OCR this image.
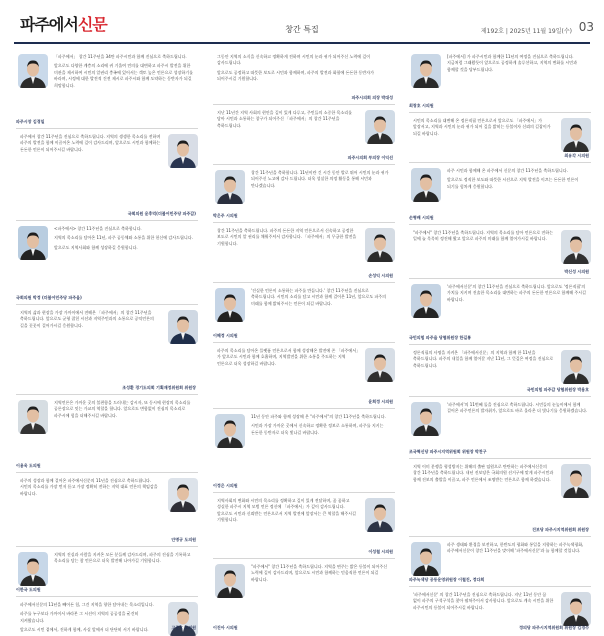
파주에서신문	창간 특집	제192호 | 2025년 11월 19일(수) 03

「파주에서」 창간 11주년을 34만 파주시민과 함께 진심으로 축하드립니다.

앞으로도 다양한 계층의 소리에 귀 기울여 민의를 대변하고 파주시 발전을 위한 미관을 제시하여 시민의 알권리 충족에 있어서는 객토 높은 언론으로 성장하기를 바라며, 시정에 대한 발전적 건전 제시로 파주시와 함께 도약하는 동반자가 되길 희망합니다.

파주시장 김경일

파주에서 창간 11주년을 진심으로 축하드립니다. 지역의 생생한 목소리를 전하며 파주의 발전을 함께 이끌어온 노력에 깊이 감사드리며, 앞으로도 시민과 함께하는 든든한 언론이 되어주시길 바랍니다.

국회의원 윤후덕(더불어민주당 파주갑)

<파주에서> 창간 11주년을 진심으로 축하합니다.

지역의 목소리를 담아온 11년, 파주 공동체와 소통을 위한 헌신에 감사드립니다.

앞으로도 지역사회와 함께 성장하길 응원합니다.

국회의원 박정 (더불어민주당 파주을)

지역의 삶과 현장을 가장 가까이에서 전해온 「파주에서」의 창간 11주년을 축하드립니다. 앞으로도 균형 잡힌 시선과 지역주민과의 소통으로 공익언론의 길을 꿋꿋이 걸어가시길 응원합니다.

조성환 경기도의회 기획재정위원회 위원장

지역언론은 가까운 곳의 불편함을 드러내는 감시자, 또 동시에 현장의 목소리를 공론장으로 잇는 가교의 역할을 합니다. 앞으로도 변함없이 진심의 목소리로 파주시에 힘을 더해주시길 바랍니다.

이용욱 도의원

파주의 성장과 함께 걸어온 파주에서신문의 11년을 진심으로 축하드립니다. 시민의 목소리를 가장 먼저 듣고 가장 정확히 전하는 지역 대표 언론의 책임감을 바랍니다.

안명규 도의원

지역의 진실과 사람을 지켜온 모든 분들께 감사드리며, 파주의 진심을 기록하고 목소리를 담는 참 언론으로 더욱 발전해 나아가길 기원합니다.

이한국 도의원

파주에서신문의 11년을 빼어든 힘, 그건 지역을 향한 담아내는 목소리입니다.

파주를 누구보다 가까이서 바라본 그 시선이 지역의 공공성을 굳건히 지켜왔습니다.

앞으로도 시민 곁에서, 진하게 함께, 사실 앞에서 더 단단히 서기 바랍니다.	고준호 도의원

그동안 지역의 소식을 신속하고 정확하게 전하며 시민의 눈과 귀가 되어주신 노력에 깊이 감사드립니다.

앞으로도 공정하고 따뜻한 보도로 시민과 함께하며, 파주의 발전과 화합에 든든한 동반자가 되어주시길 기원합니다.

파주시의회 의장 박대성

지난 11년간 지역 사회의 현안을 깊이 있게 다루고, 주민들의 소중한 목소리를 담아 시민과 소통하는 창구가 되어주신 「파주에서」의 창간 11주년을 축하드립니다.

파주시의회 부의장 이익선

창간 11주년을 축하합니다. 11년이란 긴 시간 동안 발로 뛰어 시민의 눈과 귀가 되어주신 노고에 감사 드립니다. 더욱 성실한 의정 활동을 통해 시민과 만나겠습니다.

박은주 시의원

창간 11주년을 축하드립니다. 파주의 든든한 지역 언론으로서 신속하고 공정한 보도로 시민의 알 권리를 채워주셔서 감사합니다. 「파주에서」의 무궁한 발전을 기원합니다.

손성익 시의원

'진실한 언론이 소통하는 파주를 만듭니다.' 창간 11주년을 진심으로 축하드립니다. 시민의 소리를 담고 시민과 함께 걸어온 11년, 앞으로도 파주의 미래를 함께 밝혀주시는 언론이 되길 바랍니다.

이혜정 시의원

파주의 목소리를 담아온 플랫폼 언론으로서 함께 성장해온 발전에 존 「파주에서」가 앞으로도 시민과 함께 호흡하며, 지역발전을 위한 소통을 주도하는 지역 언론으로 더욱 성장하길 바랍니다.

윤희정 시의원

11년 동안 파주와 함께 성장해 온 "파주에서"의 창간 11주년을 축하드립니다.

시민과 가장 가까운 곳에서 신속하고 정확한 정보로 소통하며, 파주를 지키는 든든한 동반자로 더욱 빛나길 바랍니다.

이정은 시의원

지역사회의 변화와 시민의 목소리를 정확하고 깊이 있게 전달하며, 꿈 꿈하고 성실한 파주시 지역 모범 언론 정신에 「파주에서」가 깊이 감사드립니다. 앞으로도 시민과 신뢰받는 언론으로서 지역 발전에 앞장서는 큰 역할을 해주시길 기원합니다.

이성철 시의원

"파주에서" 창간 11주년을 축하드립니다. 지역을 면주는 밝은 등불이 되어주신 노력에 깊이 감사드리며, 앞으로도 시민과 함께하는 믿음직한 언론이 되길 바랍니다.

이진아 시의원

[파주에서] 가 파주시민과 함께한 11년의 여정을 진심으로 축하드립니다. 지금처럼 그래왔듯이 앞으로도 공정하게 솔루션하고, 지역의 변화를 시민과 함께할 것을 당부드립니다.

최창호 시의원

시민의 목소리를 대변해 온 정론직필 언론으로서 앞으로도 「파주에서」가 앞장서고, 지역과 시민의 눈과 귀가 되어 깊을 밝히는 등불이자 신뢰의 길잡이가 되길 바랍니다.

최유각 시의원

파주 시민과 함께해 온 파주에서 신문의 창간 11주년을 축하드립니다.

앞으로도 정직한 보도와 따뜻한 시선으로 지역 발전을 이끄는 든든한 언론이 되기를 힘차게 응원합니다.

손형배 시의원

"파주에서" 창간 11주년을 축하드립니다. 지역의 목소리를 담아 언론으로 전하는 일에 늘 묵묵히 정진해 왔고 앞으로 파주의 미래를 함께 열어가시길 바랍니다.

박신성 시의원

'파주에서신문'의 창간 11주년을 진심으로 축하드립니다. 앞으로도 '정론직필'의 가치를 지키며 진솔한 목소리를 대변하는 파주의 든든한 언론으로 함께해 주시길 바랍니다.

국민의힘 파주을 당협위원장 한길룡

정론직필의 사명을 지켜온 「파주에서신문」의 지역과 함께 한 11년을 축하드립니다. 파주의 내일을 함께 열어갈 지난 11년, 그 뜻깊은 여정을 진심으로 축하드립니다.

국민의힘 파주갑 당협위원장 박용호

'파주에서'의 11번째 돌을 진심으로 축하드립니다. 시민들의 눈높이에서 함께 걸어온 파주언론의 발자취가, 앞으로도 바로 올라온 더 빛나기를 응원하겠습니다.

조국혁신당 파주시지역위원회 위원장 박찬구

지역 이미 분쟁을 형성방지는 위해의 출판 임원으로 탄탄하는 파주에서신문의 창간 11주년을 축하드립니다. 내년 진보당은 국회의원 선거구에 맞게 파주시민과 함께 진보의 출발을 이끌고, 파주 언론에서 조명받는 언론으로 함께 하겠습니다.

진보당 파주시지역위원회 위원장

파주 생태와 환경을 보전하고, 한반도의 평화와 통일을 지향하는 파주녹색평화, 파주에서신문이 창간 11주년을 맞이해 '파주에서신문'과 늘 함께할 것입니다.

파주녹색당 공동운영위원장 이철진, 정다희

'파주에서신문' 의 창간 11주년을 진심으로 축하드립니다. 지난 11년 동안 꿈 없이 파주의 구석구석을 찾아 펼쳐주어서 감사합니다. 앞으로도 계속 시민을 위한 파주시민의 등불이 되어주시길 바랍니다.

정의당 파주시지역위원회 위원장 김경수
